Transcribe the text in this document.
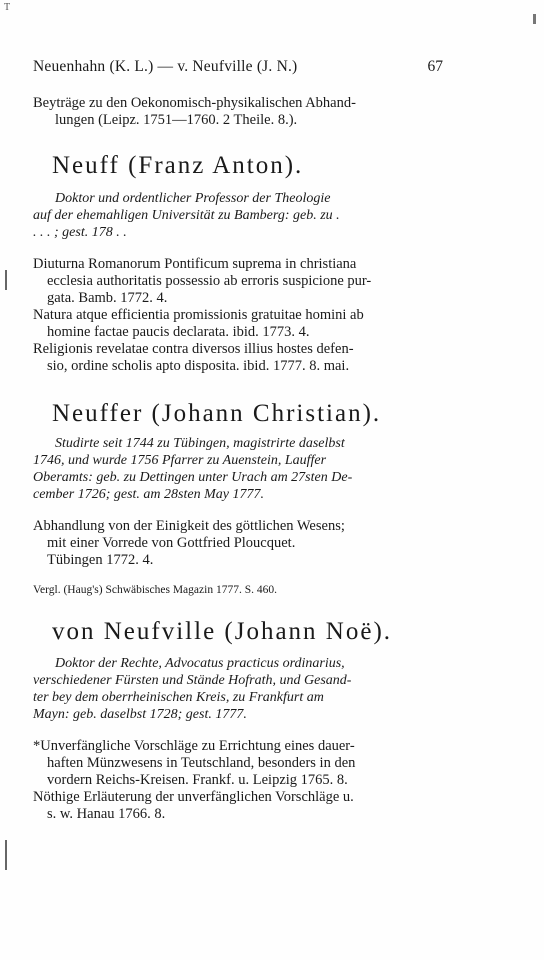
T
Neuenhahn (K. L.) — v. Neufville (J. N.)	67
Beyträge zu den Oekonomisch-physikalischen Abhand-
lungen (Leipz. 1751—1760. 2 Theile. 8.).
Neuff (Franz Anton).
Doktor und ordentlicher Professor der Theologie
auf der ehemahligen Universität zu Bamberg: geb. zu .
. . . ; gest. 178 . .
Diuturna Romanorum Pontificum suprema in christiana
ecclesia authoritatis possessio ab erroris suspicione pur-
gata. Bamb. 1772. 4.
Natura atque efficientia promissionis gratuitae homini ab
homine factae paucis declarata. ibid. 1773. 4.
Religionis revelatae contra diversos illius hostes defen-
sio, ordine scholis apto disposita. ibid. 1777. 8. mai.
Neuffer (Johann Christian).
Studirte seit 1744 zu Tübingen, magistrirte daselbst
1746, und wurde 1756 Pfarrer zu Auenstein, Lauffer
Oberamts: geb. zu Dettingen unter Urach am 27sten De-
cember 1726; gest. am 28sten May 1777.
Abhandlung von der Einigkeit des göttlichen Wesens;
mit einer Vorrede von Gottfried Ploucquet.
Tübingen 1772. 4.
Vergl. (Haug's) Schwäbisches Magazin 1777. S. 460.
von Neufville (Johann Noë).
Doktor der Rechte, Advocatus practicus ordinarius,
verschiedener Fürsten und Stände Hofrath, und Gesand-
ter bey dem oberrheinischen Kreis, zu Frankfurt am
Mayn: geb. daselbst 1728; gest. 1777.
*Unverfängliche Vorschläge zu Errichtung eines dauer-
haften Münzwesens in Teutschland, besonders in den
vordern Reichs-Kreisen. Frankf. u. Leipzig 1765. 8.
Nöthige Erläuterung der unverfänglichen Vorschläge u.
s. w. Hanau 1766. 8.
